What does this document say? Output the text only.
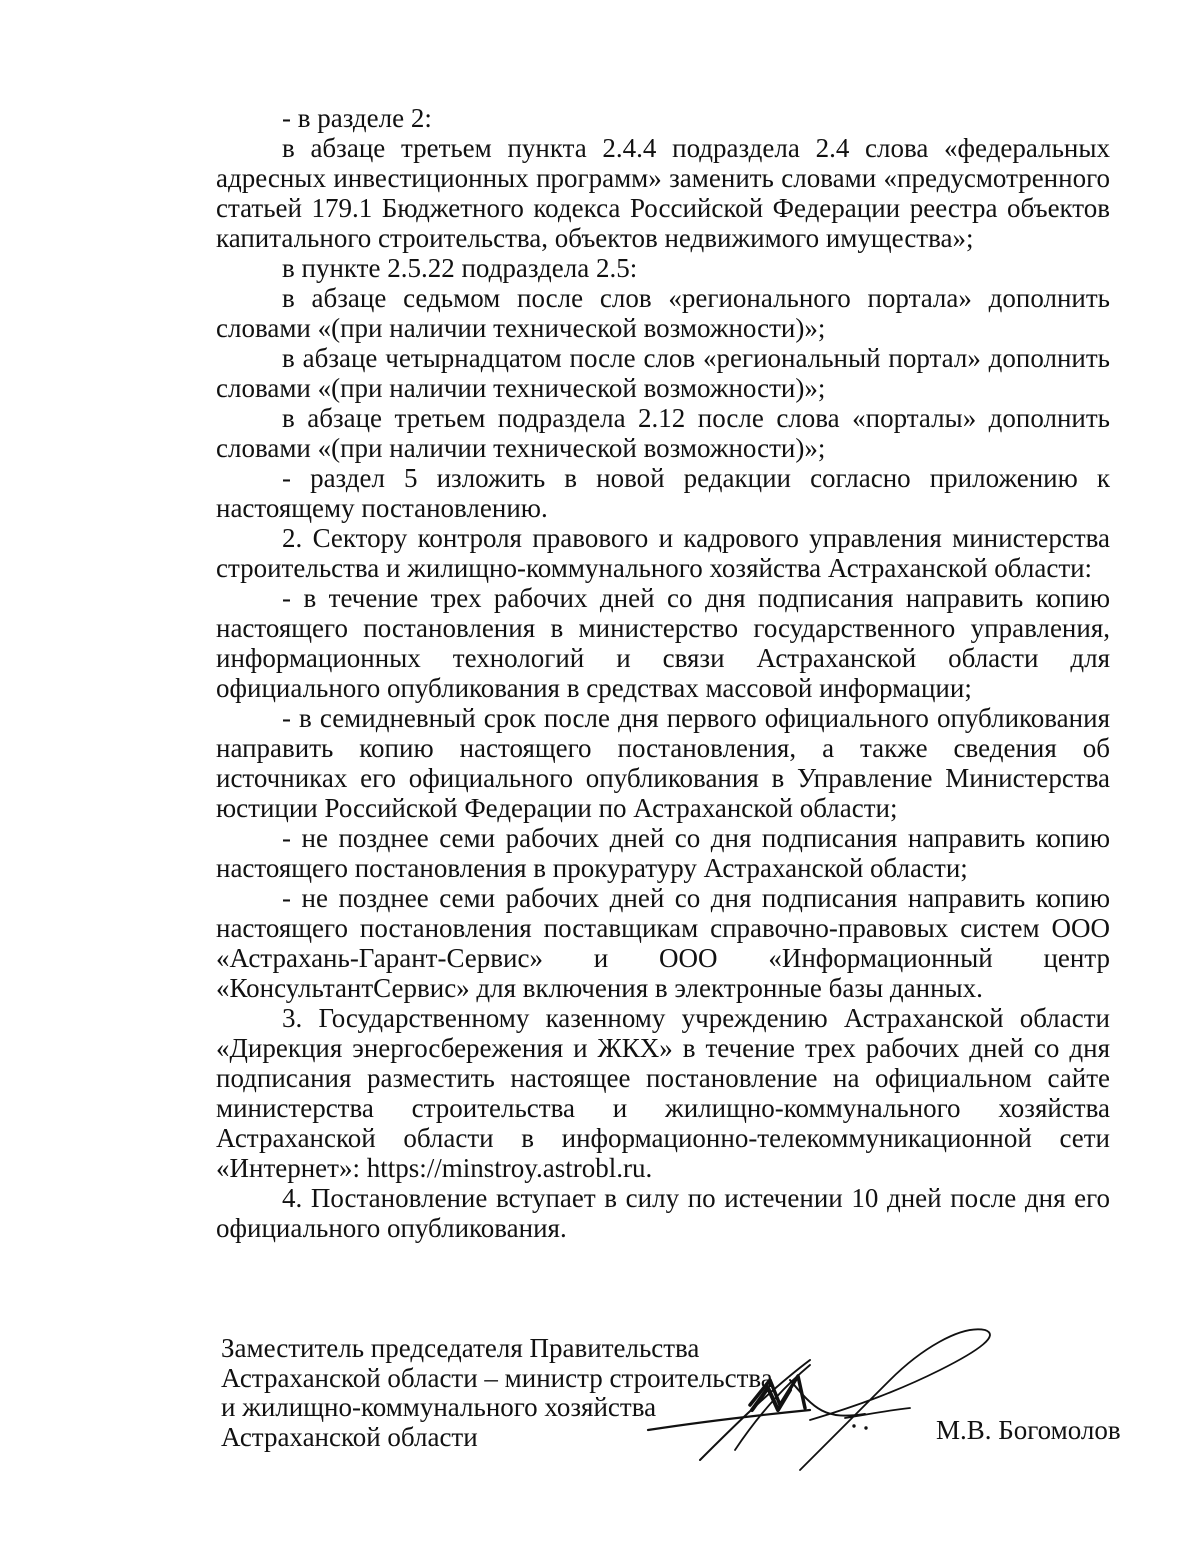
- в разделе 2:

в абзаце третьем пункта 2.4.4 подраздела 2.4 слова «федеральных адресных инвестиционных программ» заменить словами «предусмотренного статьей 179.1 Бюджетного кодекса Российской Федерации реестра объектов капитального строительства, объектов недвижимого имущества»;

в пункте 2.5.22 подраздела 2.5:

в абзаце седьмом после слов «регионального портала» дополнить словами «(при наличии технической возможности)»;

в абзаце четырнадцатом после слов «региональный портал» дополнить словами «(при наличии технической возможности)»;

в абзаце третьем подраздела 2.12 после слова «порталы» дополнить словами «(при наличии технической возможности)»;

- раздел 5 изложить в новой редакции согласно приложению к настоящему постановлению.

2. Сектору контроля правового и кадрового управления министерства строительства и жилищно-коммунального хозяйства Астраханской области:

- в течение трех рабочих дней со дня подписания направить копию настоящего постановления в министерство государственного управления, информационных технологий и связи Астраханской области для официального опубликования в средствах массовой информации;

- в семидневный срок после дня первого официального опубликования направить копию настоящего постановления, а также сведения об источниках его официального опубликования в Управление Министерства юстиции Российской Федерации по Астраханской области;

- не позднее семи рабочих дней со дня подписания направить копию настоящего постановления в прокуратуру Астраханской области;

- не позднее семи рабочих дней со дня подписания направить копию настоящего постановления поставщикам справочно-правовых систем ООО «Астрахань-Гарант-Сервис» и ООО «Информационный центр «КонсультантСервис» для включения в электронные базы данных.

3. Государственному казенному учреждению Астраханской области «Дирекция энергосбережения и ЖКХ» в течение трех рабочих дней со дня подписания разместить настоящее постановление на официальном сайте министерства строительства и жилищно-коммунального хозяйства Астраханской области в информационно-телекоммуникационной сети «Интернет»: https://minstroy.astrobl.ru.

4. Постановление вступает в силу по истечении 10 дней после дня его официального опубликования.

Заместитель председателя Правительства
Астраханской области – министр строительства
и жилищно-коммунального хозяйства
Астраханской области	М.В. Богомолов
